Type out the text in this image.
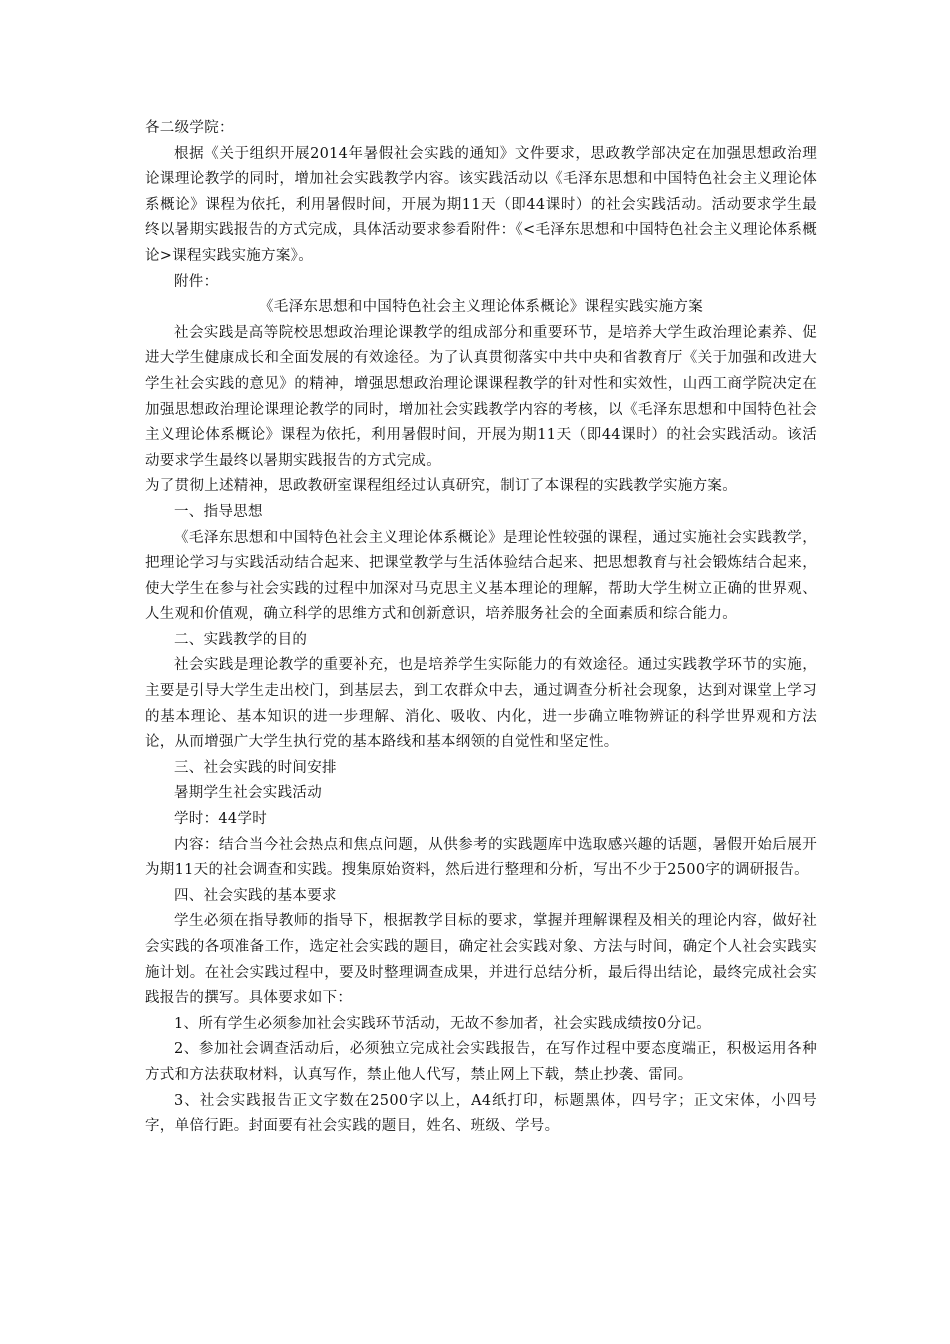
各二级学院：

根据《关于组织开展2014年暑假社会实践的通知》文件要求，思政教学部决定在加强思想政治理论课理论教学的同时，增加社会实践教学内容。该实践活动以《毛泽东思想和中国特色社会主义理论体系概论》课程为依托，利用暑假时间，开展为期11天（即44课时）的社会实践活动。活动要求学生最终以暑期实践报告的方式完成，具体活动要求参看附件：《<毛泽东思想和中国特色社会主义理论体系概论>课程实践实施方案》。

附件：

《毛泽东思想和中国特色社会主义理论体系概论》课程实践实施方案

社会实践是高等院校思想政治理论课教学的组成部分和重要环节，是培养大学生政治理论素养、促进大学生健康成长和全面发展的有效途径。为了认真贯彻落实中共中央和省教育厅《关于加强和改进大学生社会实践的意见》的精神，增强思想政治理论课课程教学的针对性和实效性，山西工商学院决定在加强思想政治理论课理论教学的同时，增加社会实践教学内容的考核，以《毛泽东思想和中国特色社会主义理论体系概论》课程为依托，利用暑假时间，开展为期11天（即44课时）的社会实践活动。该活动要求学生最终以暑期实践报告的方式完成。

为了贯彻上述精神，思政教研室课程组经过认真研究，制订了本课程的实践教学实施方案。

一、指导思想

《毛泽东思想和中国特色社会主义理论体系概论》是理论性较强的课程，通过实施社会实践教学，把理论学习与实践活动结合起来、把课堂教学与生活体验结合起来、把思想教育与社会锻炼结合起来，使大学生在参与社会实践的过程中加深对马克思主义基本理论的理解，帮助大学生树立正确的世界观、人生观和价值观，确立科学的思维方式和创新意识，培养服务社会的全面素质和综合能力。

二、实践教学的目的

社会实践是理论教学的重要补充，也是培养学生实际能力的有效途径。通过实践教学环节的实施，主要是引导大学生走出校门，到基层去，到工农群众中去，通过调查分析社会现象，达到对课堂上学习的基本理论、基本知识的进一步理解、消化、吸收、内化，进一步确立唯物辨证的科学世界观和方法论，从而增强广大学生执行党的基本路线和基本纲领的自觉性和坚定性。

三、社会实践的时间安排

暑期学生社会实践活动

学时：44学时

内容：结合当今社会热点和焦点问题，从供参考的实践题库中选取感兴趣的话题，暑假开始后展开为期11天的社会调查和实践。搜集原始资料，然后进行整理和分析，写出不少于2500字的调研报告。

四、社会实践的基本要求

学生必须在指导教师的指导下，根据教学目标的要求，掌握并理解课程及相关的理论内容，做好社会实践的各项准备工作，选定社会实践的题目，确定社会实践对象、方法与时间，确定个人社会实践实施计划。在社会实践过程中，要及时整理调查成果，并进行总结分析，最后得出结论，最终完成社会实践报告的撰写。具体要求如下：

1、所有学生必须参加社会实践环节活动，无故不参加者，社会实践成绩按0分记。

2、参加社会调查活动后，必须独立完成社会实践报告，在写作过程中要态度端正，积极运用各种方式和方法获取材料，认真写作，禁止他人代写，禁止网上下载，禁止抄袭、雷同。

3、社会实践报告正文字数在2500字以上，A4纸打印，标题黑体，四号字；正文宋体，小四号字，单倍行距。封面要有社会实践的题目，姓名、班级、学号。
